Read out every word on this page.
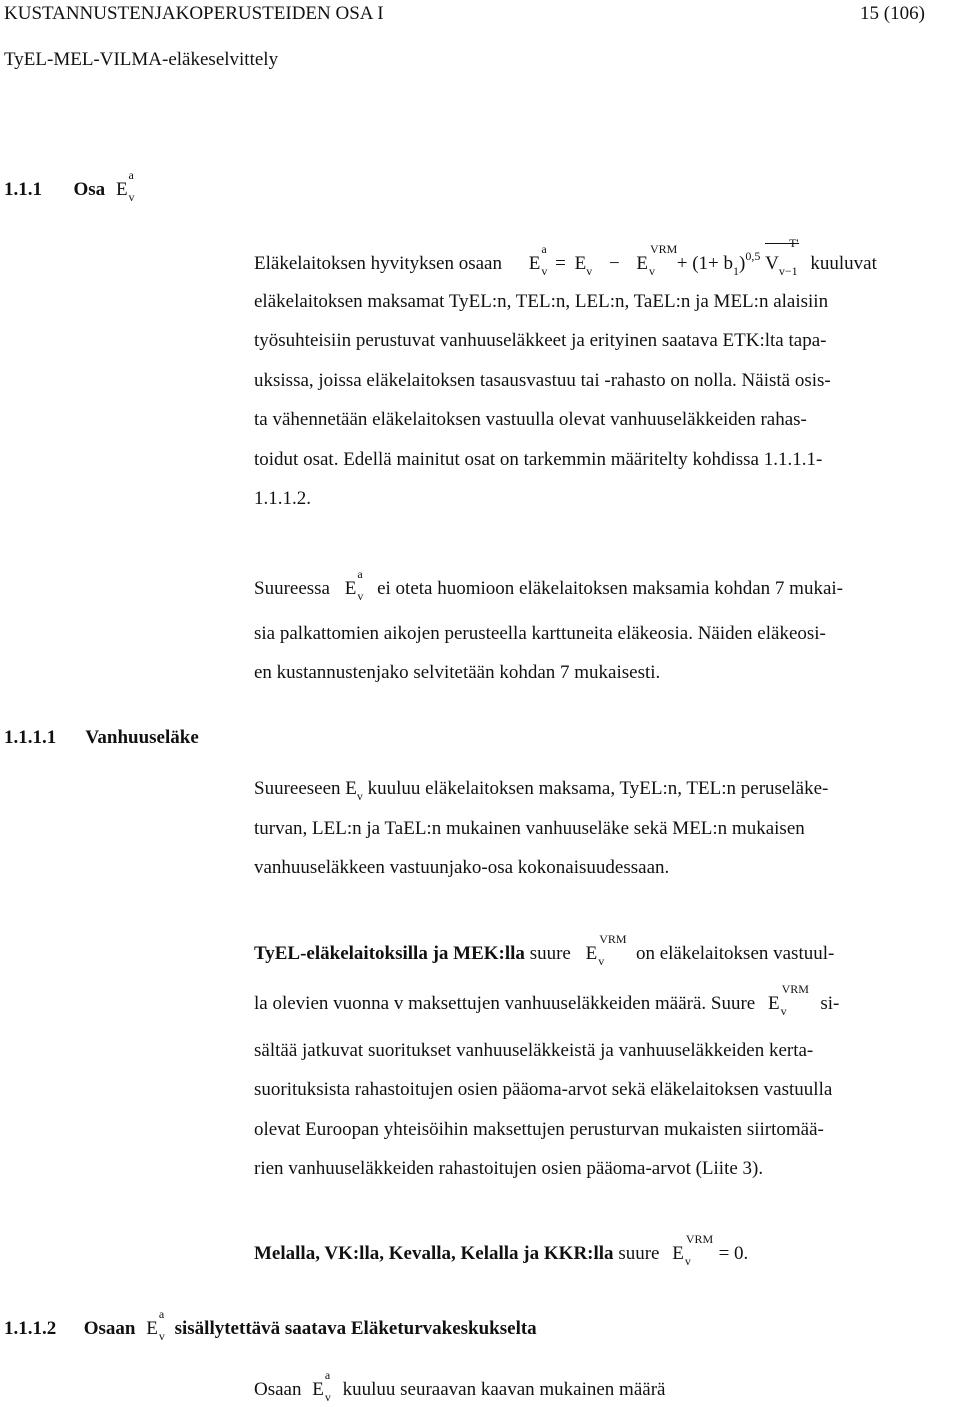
KUSTANNUSTENJAKOPERUSTEIDEN OSA I	15 (106)
TyEL-MEL-VILMA-eläkeselvittely
1.1.1 Osa E
a
$_v$
Eläkelaitoksen hyvityksen osaan E
a
$_v = E_v - E$
VRM
$_v + (1+ b_1)^{0,5}$
T'
$V_{v-1}$ kuuluvat

eläkelaitoksen maksamat TyEL:n, TEL:n, LEL:n, TaEL:n ja MEL:n alaisiin

työsuhteisiin perustuvat vanhuuseläkkeet ja erityinen saatava ETK:lta tapa-

uksissa, joissa eläkelaitoksen tasausvastuu tai -rahasto on nolla. Näistä osis-

ta vähennetään eläkelaitoksen vastuulla olevat vanhuuseläkkeiden rahas-

toidut osat. Edellä mainitut osat on tarkemmin määritelty kohdissa 1.1.1.1-

1.1.1.2.

Suureessa E
a
$_v$ ei oteta huomioon eläkelaitoksen maksamia kohdan 7 mukai-

sia palkattomien aikojen perusteella karttuneita eläkeosia. Näiden eläkeosi-

en kustannustenjako selvitetään kohdan 7 mukaisesti.

1.1.1.1 Vanhuuseläke
Suureeseen $E_v$ kuuluu eläkelaitoksen maksama, TyEL:n, TEL:n peruseläke-

turvan, LEL:n ja TaEL:n mukainen vanhuuseläke sekä MEL:n mukaisen

vanhuuseläkkeen vastuunjako-osa kokonaisuudessaan.

TyEL-eläkelaitoksilla ja MEK:lla suure E
VRM
$_v$ on eläkelaitoksen vastuul-
la olevien vuonna v maksettujen vanhuuseläkkeiden määrä. Suure E
VRM
$_v$ si-

sältää jatkuvat suoritukset vanhuuseläkkeistä ja vanhuuseläkkeiden kerta-

suorituksista rahastoitujen osien pääoma-arvot sekä eläkelaitoksen vastuulla

olevat Euroopan yhteisöihin maksettujen perusturvan mukaisten siirtomää-

rien vanhuuseläkkeiden rahastoitujen osien pääoma-arvot (Liite 3).

Melalla, VK:lla, Kevalla, Kelalla ja KKR:lla suure E
VRM
$_v$ = 0.
1.1.1.2 Osaan E
a
$_v$ sisällytettävä saatava Eläketurvakeskukselta
Osaan E
a
$_v$ kuuluu seuraavan kaavan mukainen määrä
